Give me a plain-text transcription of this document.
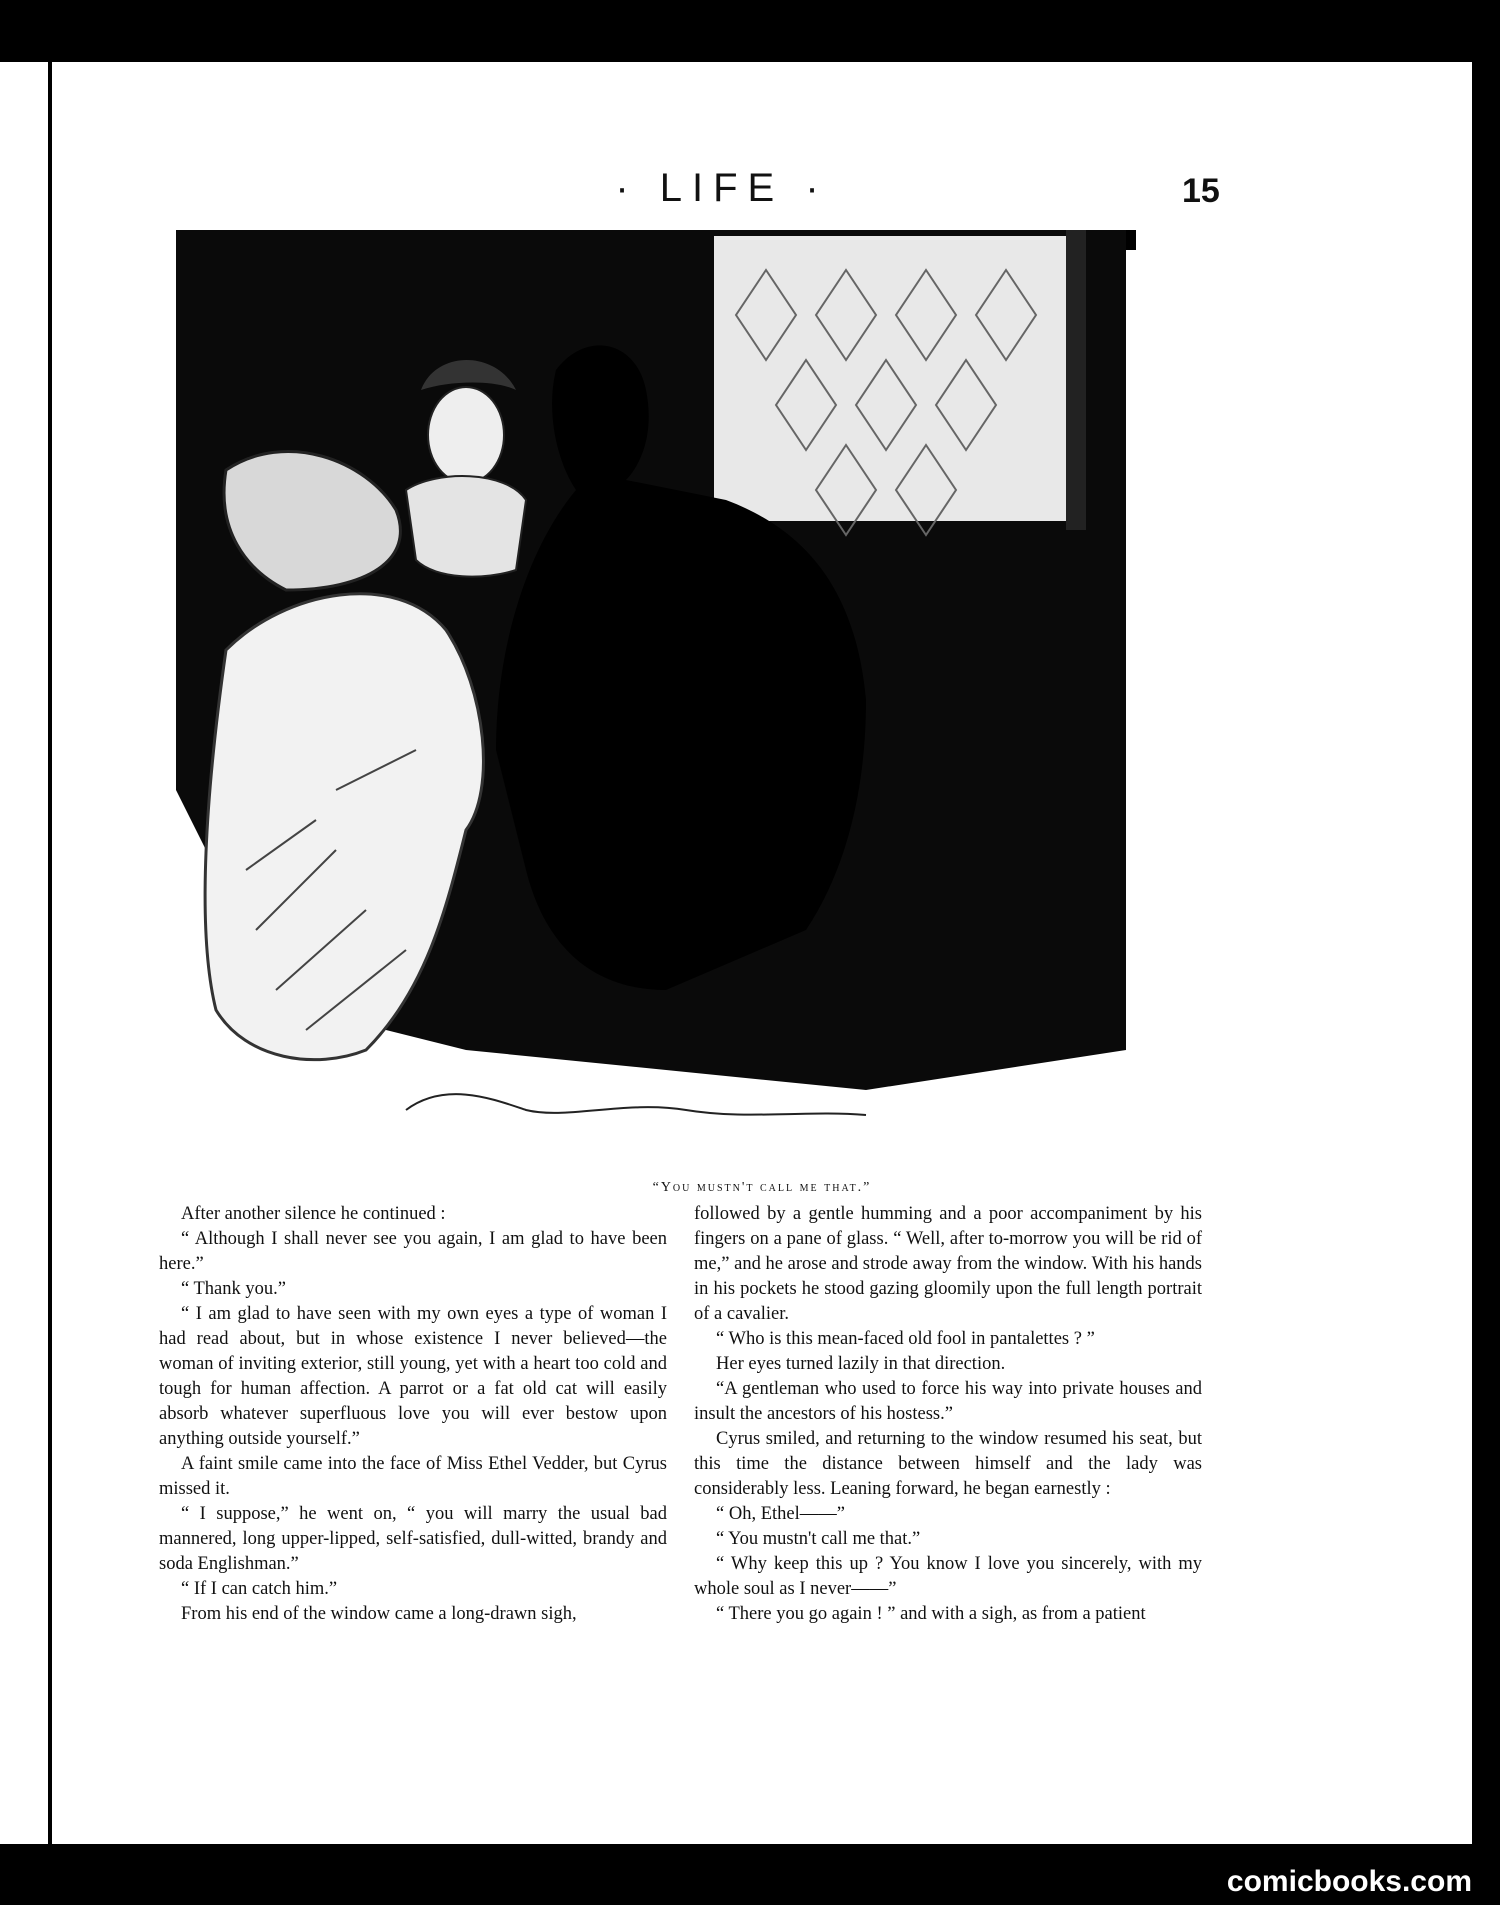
· LIFE ·	15
“You mustn't call me that.”

After another silence he continued :

“ Although I shall never see you again, I am glad to have been here.”

“ Thank you.”

“ I am glad to have seen with my own eyes a type of woman I had read about, but in whose existence I never believed—the woman of inviting exterior, still young, yet with a heart too cold and tough for human affection. A parrot or a fat old cat will easily absorb whatever superfluous love you will ever bestow upon anything outside yourself.”

A faint smile came into the face of Miss Ethel Vedder, but Cyrus missed it.

“ I suppose,” he went on, “ you will marry the usual bad mannered, long upper-lipped, self-satisfied, dull-witted, brandy and soda Englishman.”

“ If I can catch him.”

From his end of the window came a long-drawn sigh,

followed by a gentle humming and a poor accompaniment by his fingers on a pane of glass. “ Well, after to-morrow you will be rid of me,” and he arose and strode away from the window. With his hands in his pockets he stood gazing gloomily upon the full length portrait of a cavalier.

“ Who is this mean-faced old fool in pantalettes ? ”

Her eyes turned lazily in that direction.

“A gentleman who used to force his way into private houses and insult the ancestors of his hostess.”

Cyrus smiled, and returning to the window resumed his seat, but this time the distance between himself and the lady was considerably less. Leaning forward, he began earnestly :

“ Oh, Ethel——”

“ You mustn't call me that.”

“ Why keep this up ? You know I love you sincerely, with my whole soul as I never——”

“ There you go again ! ” and with a sigh, as from a patient

comicbooks.com
